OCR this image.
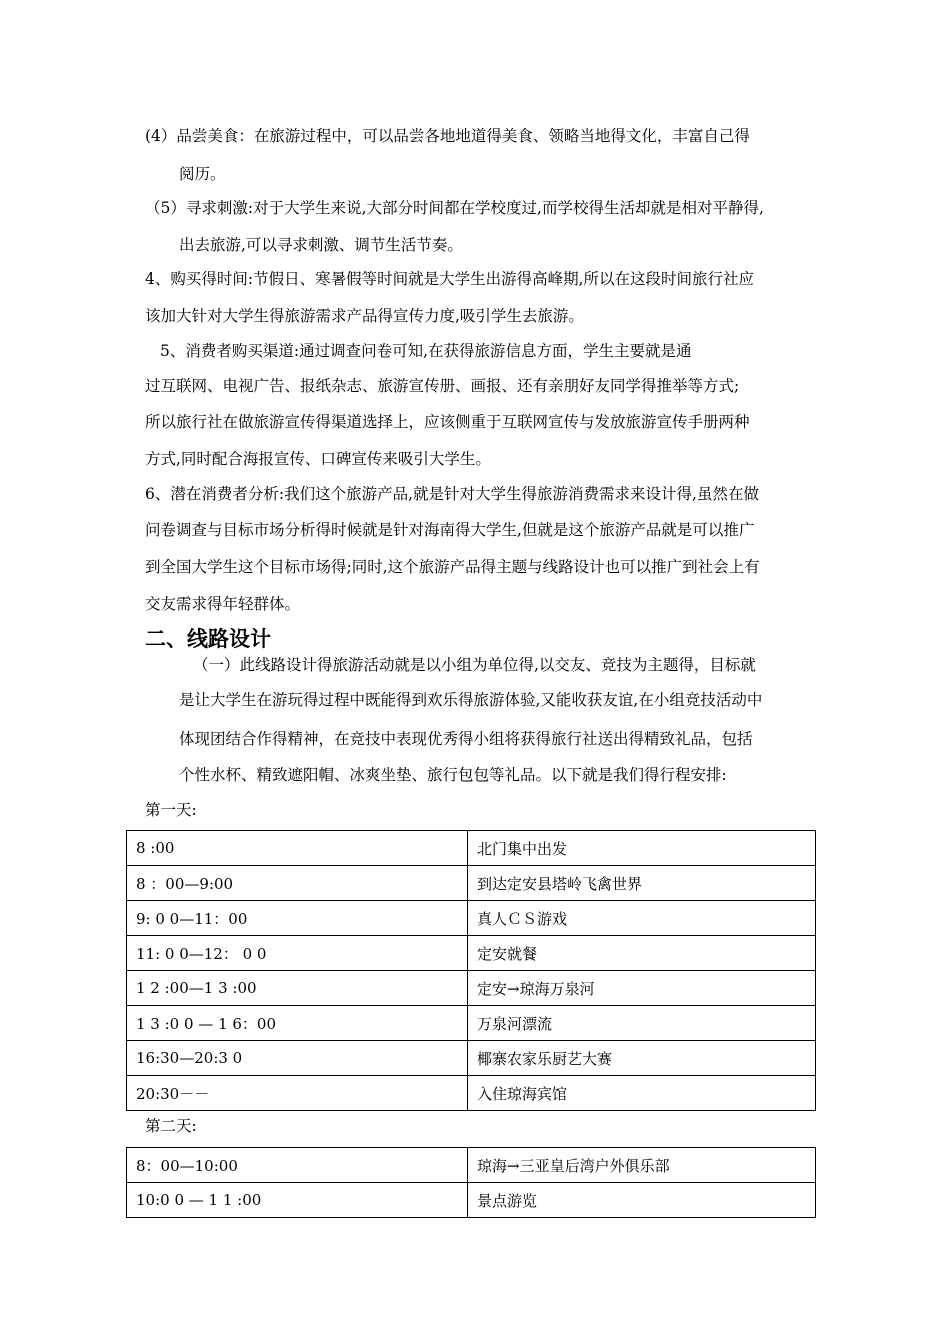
(4）品尝美食：在旅游过程中，可以品尝各地地道得美食、领略当地得文化，丰富自己得
阅历。
（5）寻求刺激:对于大学生来说,大部分时间都在学校度过,而学校得生活却就是相对平静得,
出去旅游,可以寻求刺激、调节生活节奏。
4、购买得时间:节假日、寒暑假等时间就是大学生出游得高峰期,所以在这段时间旅行社应
该加大针对大学生得旅游需求产品得宣传力度,吸引学生去旅游。
5、消费者购买渠道:通过调查问卷可知,在获得旅游信息方面，学生主要就是通
过互联网、电视广告、报纸杂志、旅游宣传册、画报、还有亲朋好友同学得推举等方式;
所以旅行社在做旅游宣传得渠道选择上，应该侧重于互联网宣传与发放旅游宣传手册两种
方式,同时配合海报宣传、口碑宣传来吸引大学生。
6、潜在消费者分析:我们这个旅游产品,就是针对大学生得旅游消费需求来设计得,虽然在做
问卷调查与目标市场分析得时候就是针对海南得大学生,但就是这个旅游产品就是可以推广
到全国大学生这个目标市场得;同时,这个旅游产品得主题与线路设计也可以推广到社会上有
交友需求得年轻群体。
二、线路设计
（一）此线路设计得旅游活动就是以小组为单位得,以交友、竞技为主题得，目标就
是让大学生在游玩得过程中既能得到欢乐得旅游体验,又能收获友谊,在小组竞技活动中
体现团结合作得精神，在竞技中表现优秀得小组将获得旅行社送出得精致礼品，包括
个性水杯、精致遮阳帽、冰爽坐垫、旅行包包等礼品。以下就是我们得行程安排:
第一天:
8 :00	北门集中出发
8 ：00—9:00	到达定安县塔岭飞禽世界
9: 0 0—11：00	真人ＣＳ游戏
11: 0 0—12： 0 0	定安就餐
1 2 :00—1 3 :00	定安→琼海万泉河
1 3 :0 0 — 1 6：00	万泉河漂流
16:30—20:3 0	椰寨农家乐厨艺大赛
20:30－－	入住琼海宾馆
第二天:
8：00—10:00	琼海→三亚皇后湾户外俱乐部
10:0 0 — 1 1 :00	景点游览
